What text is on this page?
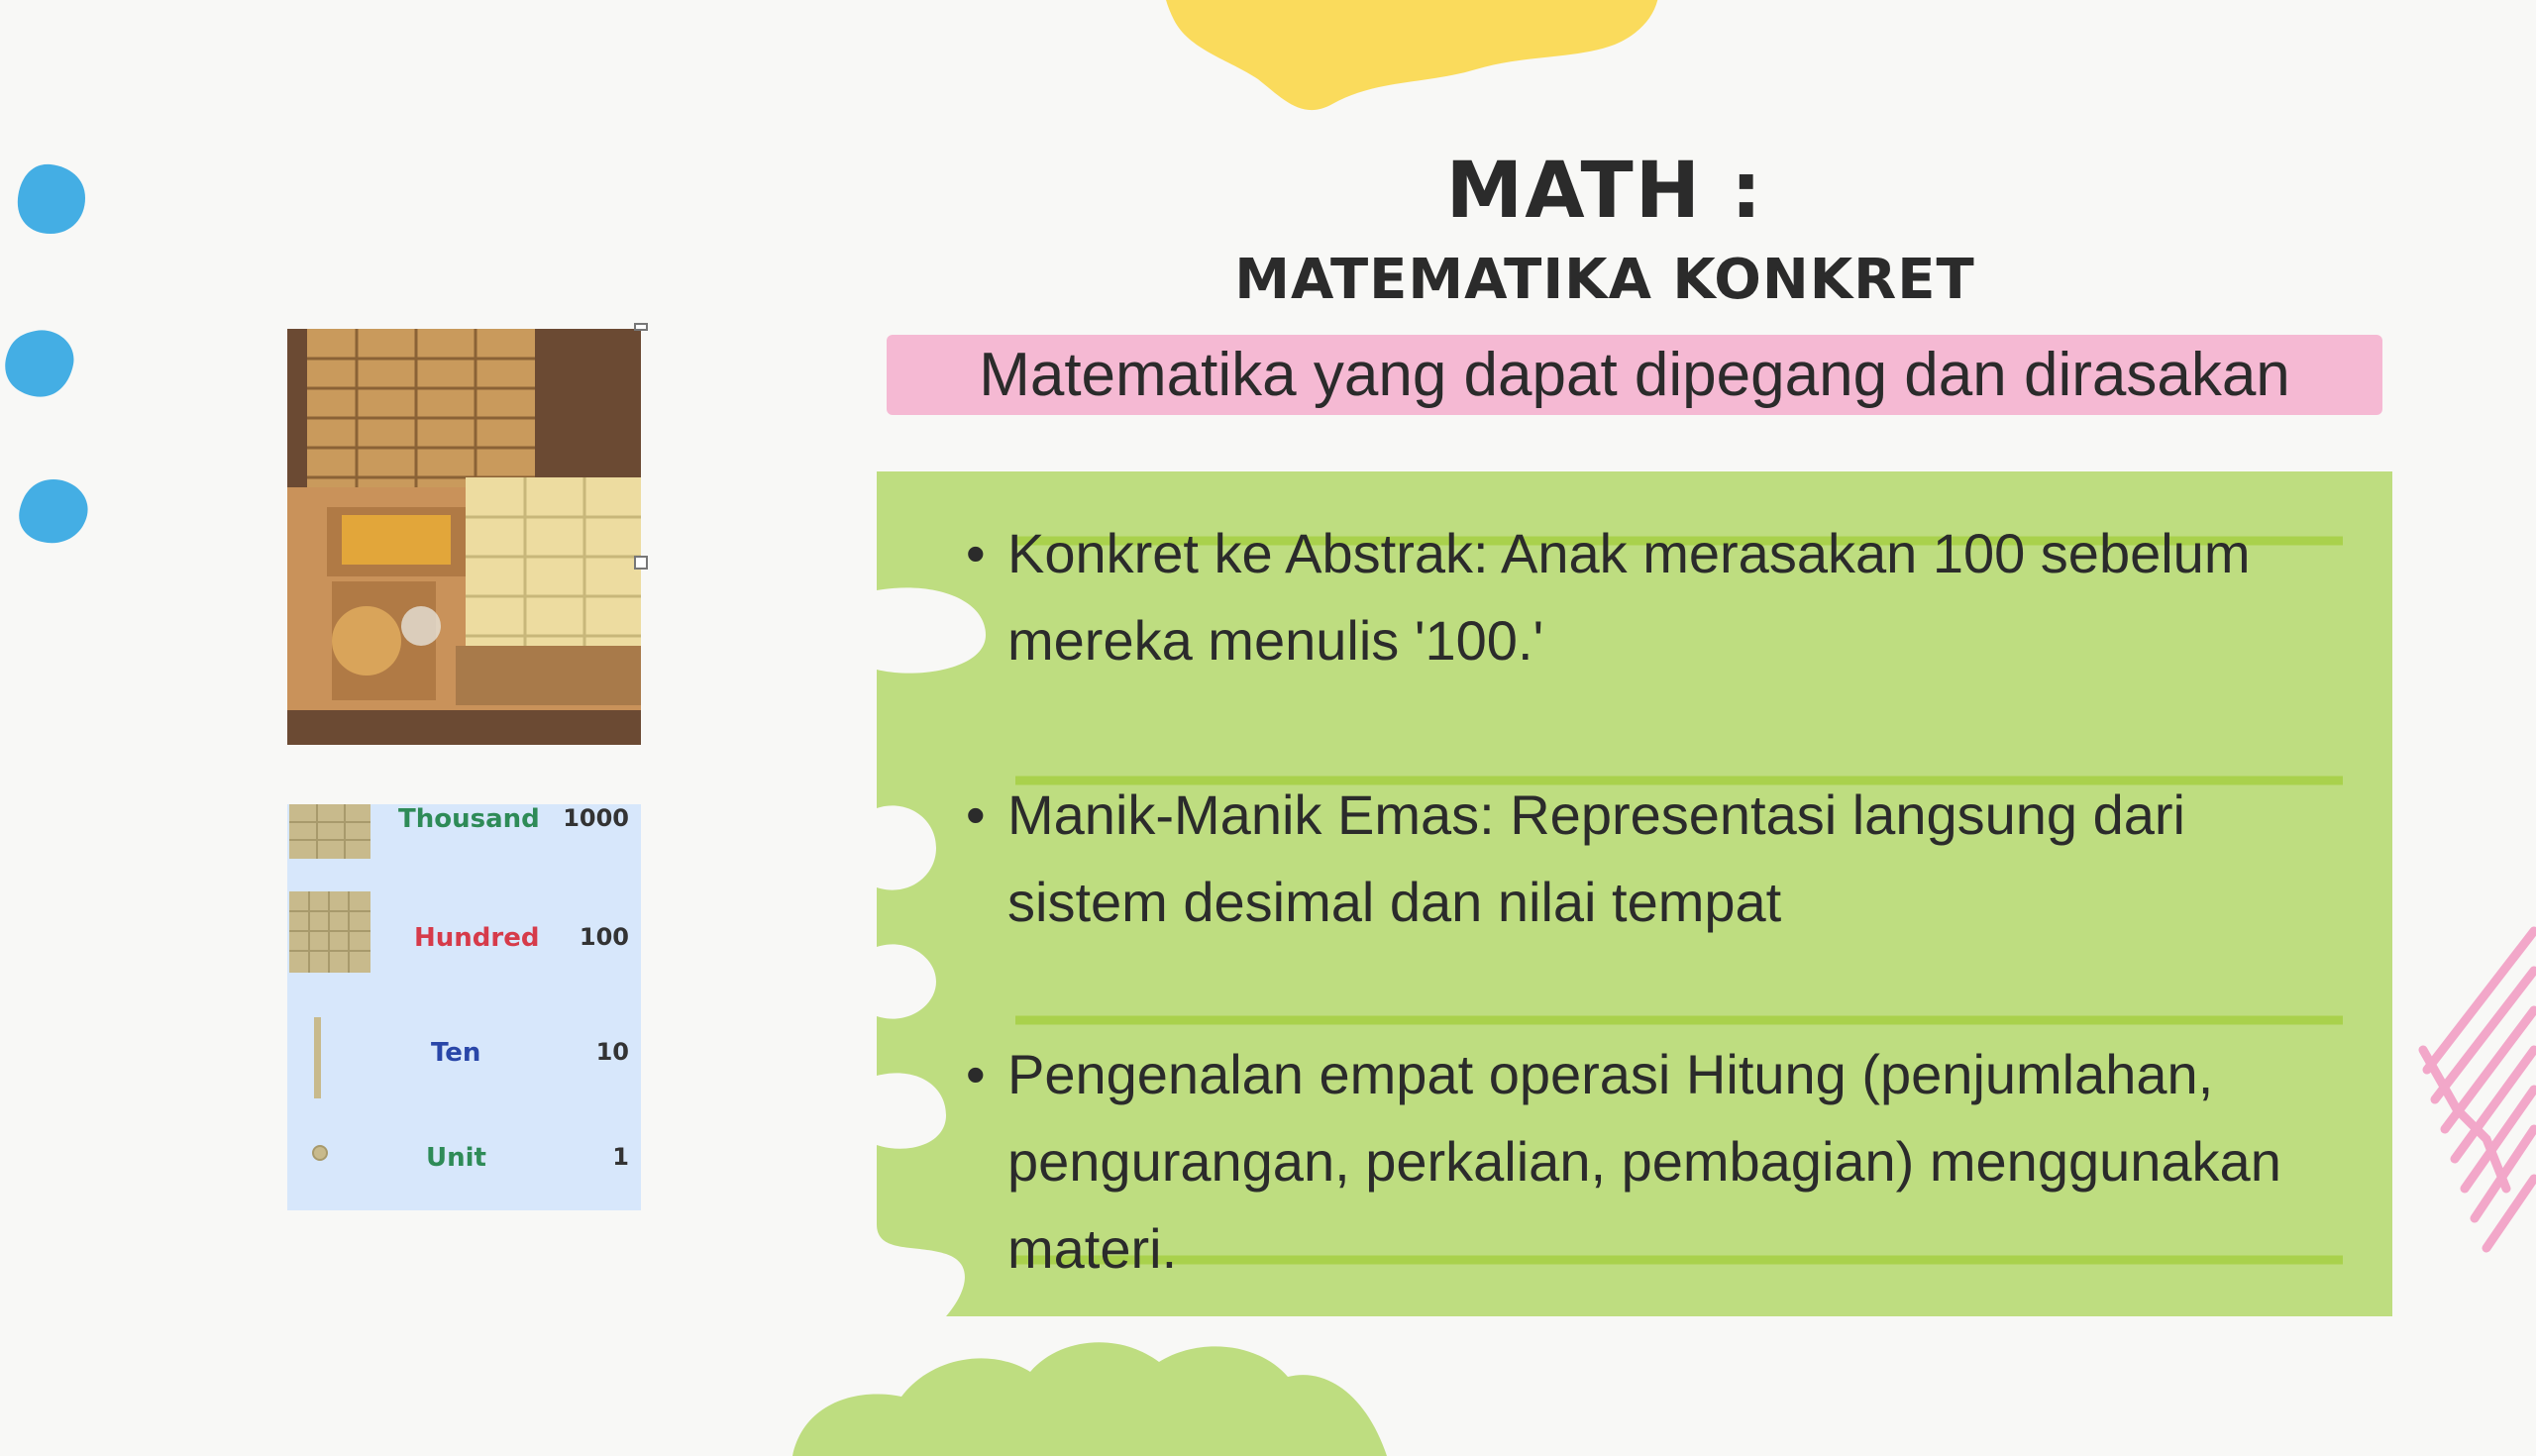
MATH :
MATEMATIKA KONKRET
Matematika yang dapat dipegang dan dirasakan
• Konkret ke Abstrak: Anak merasakan 100 sebelum mereka menulis '100.'
• Manik-Manik Emas: Representasi langsung dari sistem desimal dan nilai tempat
• Pengenalan empat operasi Hitung (penjumlahan, pengurangan, perkalian, pembagian) menggunakan materi.
Thousand 1000
Hundred 100
Ten	10
Unit	1
